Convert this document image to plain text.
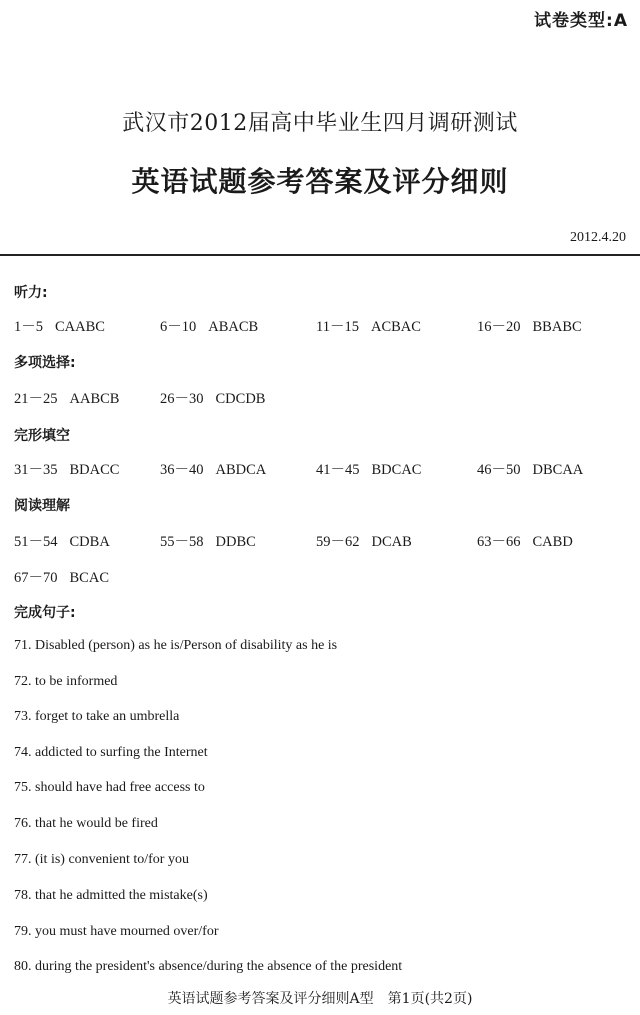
试卷类型:A
武汉市2012届高中毕业生四月调研测试
英语试题参考答案及评分细则
2012.4.20
听力:
1－5 CAABC	6－10 ABACB	11－15 ACBAC	16－20 BBABC
多项选择:
21－25 AABCB	26－30 CDCDB
完形填空
31－35 BDACC	36－40 ABDCA	41－45 BDCAC	46－50 DBCAA
阅读理解
51－54 CDBA	55－58 DDBC	59－62 DCAB	63－66 CABD
67－70 BCAC
完成句子:
71. Disabled (person) as he is/Person of disability as he is
72. to be informed
73. forget to take an umbrella
74. addicted to surfing the Internet
75. should have had free access to
76. that he would be fired
77. (it is) convenient to/for you
78. that he admitted the mistake(s)
79. you must have mourned over/for
80. during the president's absence/during the absence of the president
英语试题参考答案及评分细则A型　第1页(共2页)
